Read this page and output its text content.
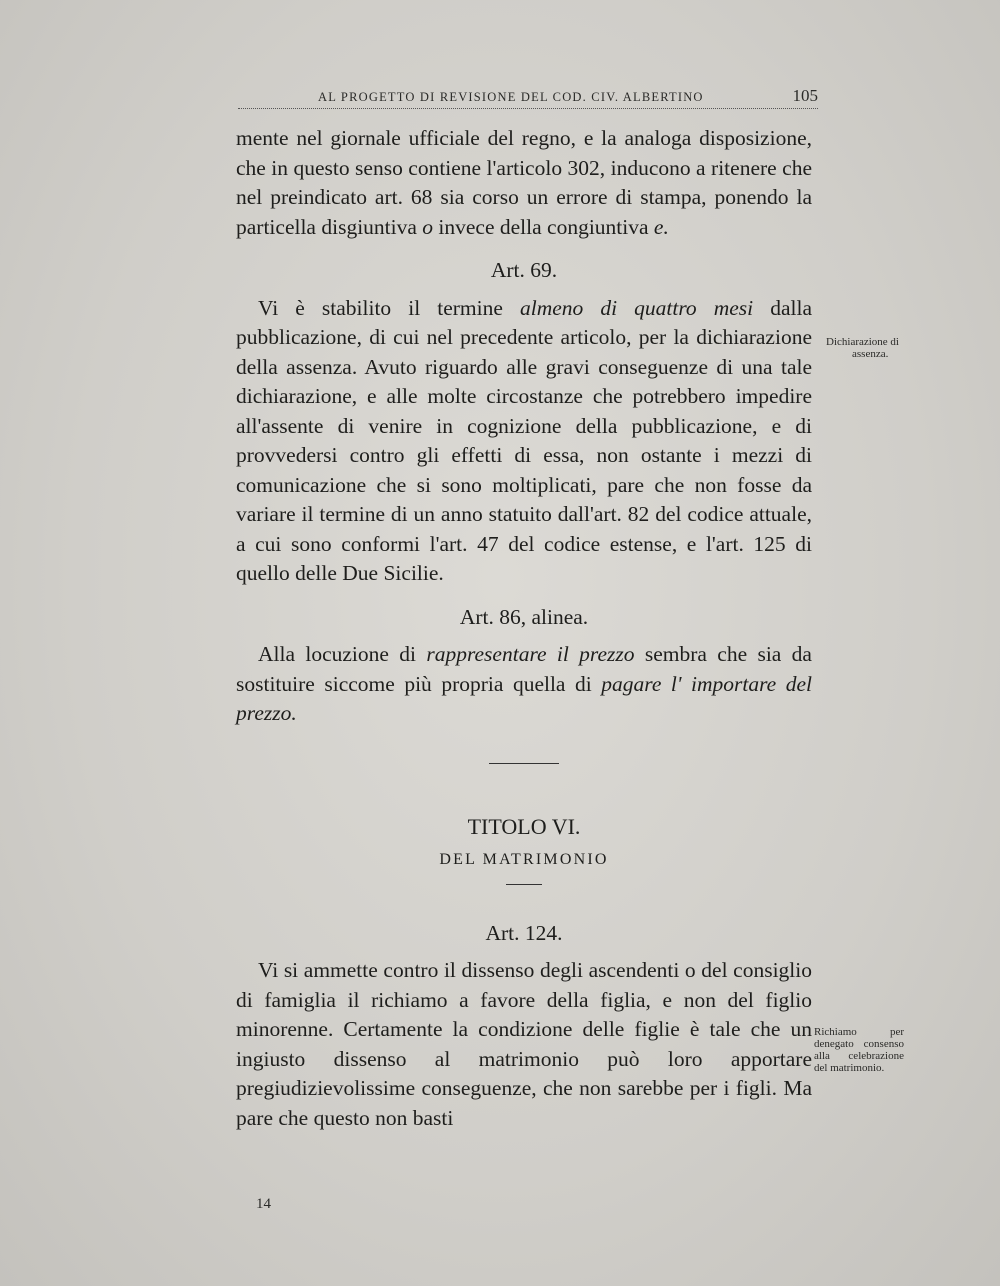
AL PROGETTO DI REVISIONE DEL COD. CIV. ALBERTINO	105

mente nel giornale ufficiale del regno, e la analoga disposizione, che in questo senso contiene l'articolo 302, inducono a ritenere che nel preindicato art. 68 sia corso un errore di stampa, ponendo la particella disgiuntiva o invece della congiuntiva e.

Art. 69.

Vi è stabilito il termine almeno di quattro mesi dalla pubblicazione, di cui nel precedente articolo, per la dichiarazione della assenza. Avuto riguardo alle gravi conseguenze di una tale dichiarazione, e alle molte circostanze che potrebbero impedire all'assente di venire in cognizione della pubblicazione, e di provvedersi contro gli effetti di essa, non ostante i mezzi di comunicazione che si sono moltiplicati, pare che non fosse da variare il termine di un anno statuito dall'art. 82 del codice attuale, a cui sono conformi l'art. 47 del codice estense, e l'art. 125 di quello delle Due Sicilie.

Art. 86, alinea.

Alla locuzione di rappresentare il prezzo sembra che sia da sostituire siccome più propria quella di pagare l' importare del prezzo.

TITOLO VI.
DEL MATRIMONIO
Art. 124.

Vi si ammette contro il dissenso degli ascendenti o del consiglio di famiglia il richiamo a favore della figlia, e non del figlio minorenne. Certamente la condizione delle figlie è tale che un ingiusto dissenso al matrimonio può loro apportare pregiudizievolissime conseguenze, che non sarebbe per i figli. Ma pare che questo non basti

Dichiarazione di
assenza.
Richiamo per denegato consenso alla celebrazione del matrimonio.
14
